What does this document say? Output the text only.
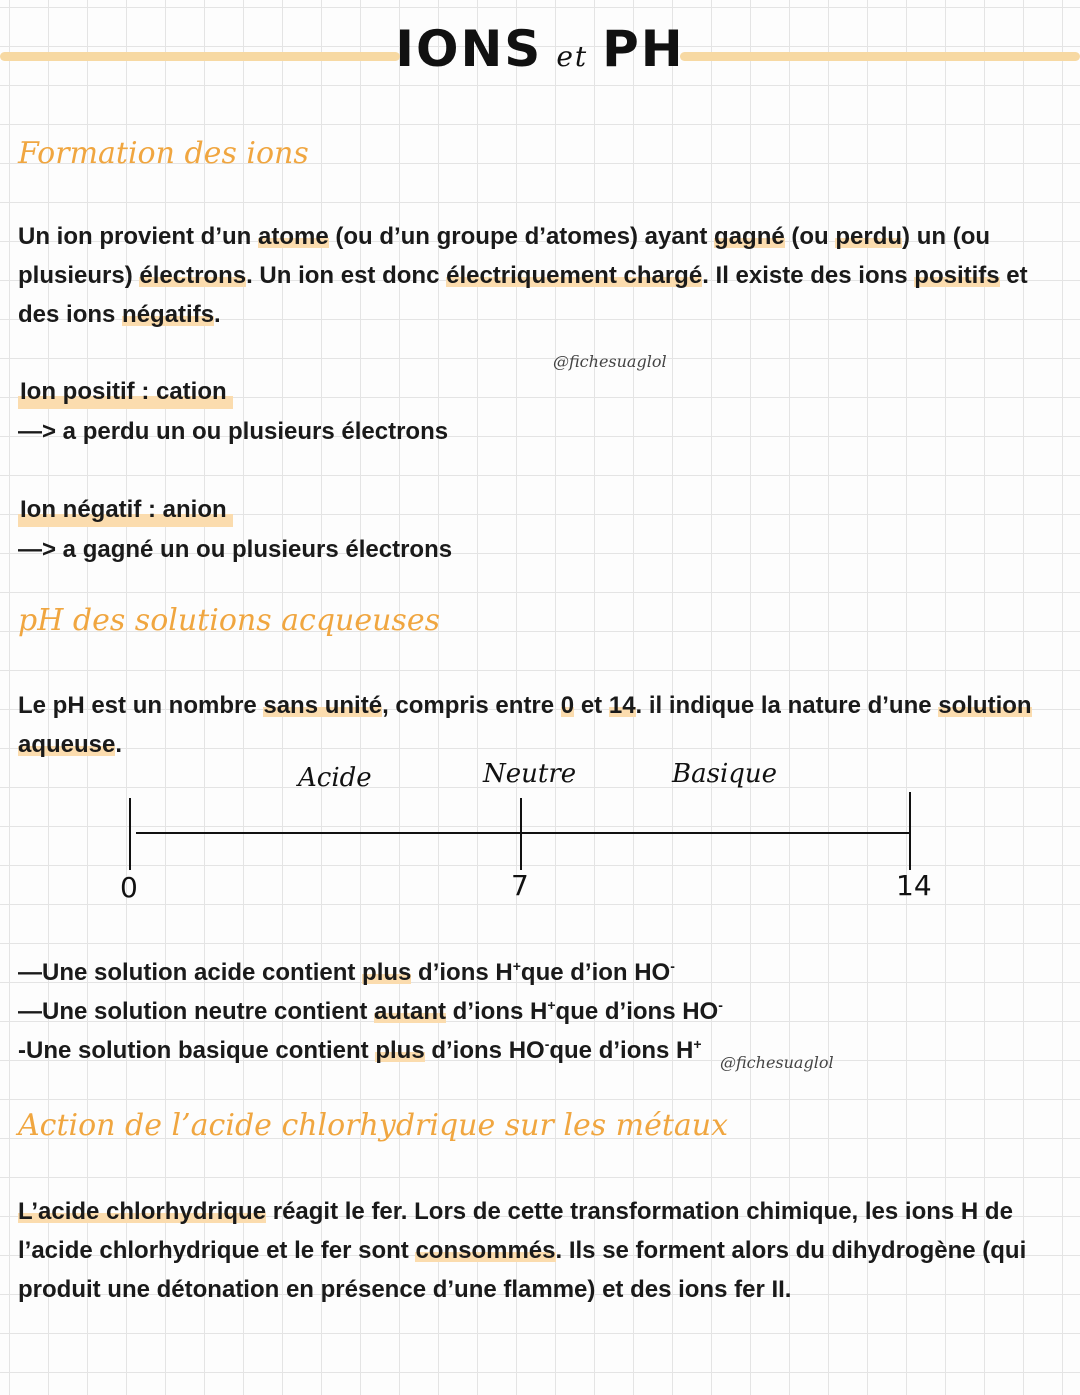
IONS et PH
Formation des ions
Un ion provient d’un atome (ou d’un groupe d’atomes) ayant gagné (ou perdu) un (ou plusieurs) électrons. Un ion est donc électriquement chargé. Il existe des ions positifs et des ions négatifs.
@fichesuaglol
Ion positif : cation
—> a perdu un ou plusieurs électrons
Ion négatif : anion
—> a gagné un ou plusieurs électrons
pH des solutions acqueuses
Le pH est un nombre sans unité, compris entre 0 et 14. il indique la nature d’une solution aqueuse.
Acide	Neutre	Basique
0	7	14
—Une solution acide contient plus d’ions H+que d’ion HO-
—Une solution neutre contient autant d’ions H+que d’ions HO-
-Une solution basique contient plus d’ions HO-que d’ions H+
@fichesuaglol
Action de l’acide chlorhydrique sur les métaux
L’acide chlorhydrique réagit le fer. Lors de cette transformation chimique, les ions H de l’acide chlorhydrique et le fer sont consommés. Ils se forment alors du dihydrogène (qui produit une détonation en présence d’une flamme) et des ions fer II.
